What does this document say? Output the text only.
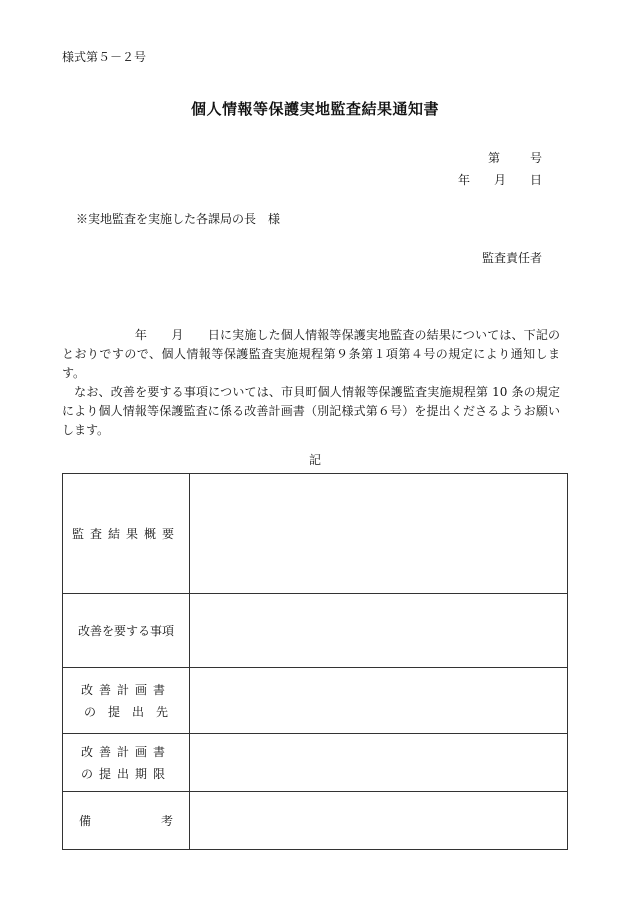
様式第５－２号
個人情報等保護実地監査結果通知書
第	号
年 月 日
※実地監査を実施した各課局の長　様
監査責任者

　　　　　　年　　月　　日に実施した個人情報等保護実地監査の結果については、下記のとおりですので、個人情報等保護監査実施規程第９条第１項第４号の規定により通知します。

　なお、改善を要する事項については、市貝町個人情報等保護監査実施規程第 10 条の規定により個人情報等保護監査に係る改善計画書（別記様式第６号）を提出くださるようお願いします。

記
監査結果概要	
改善を要する事項	

改善計画書
の　提　出　先	

改善計画書
の提出期限	

備 考	
